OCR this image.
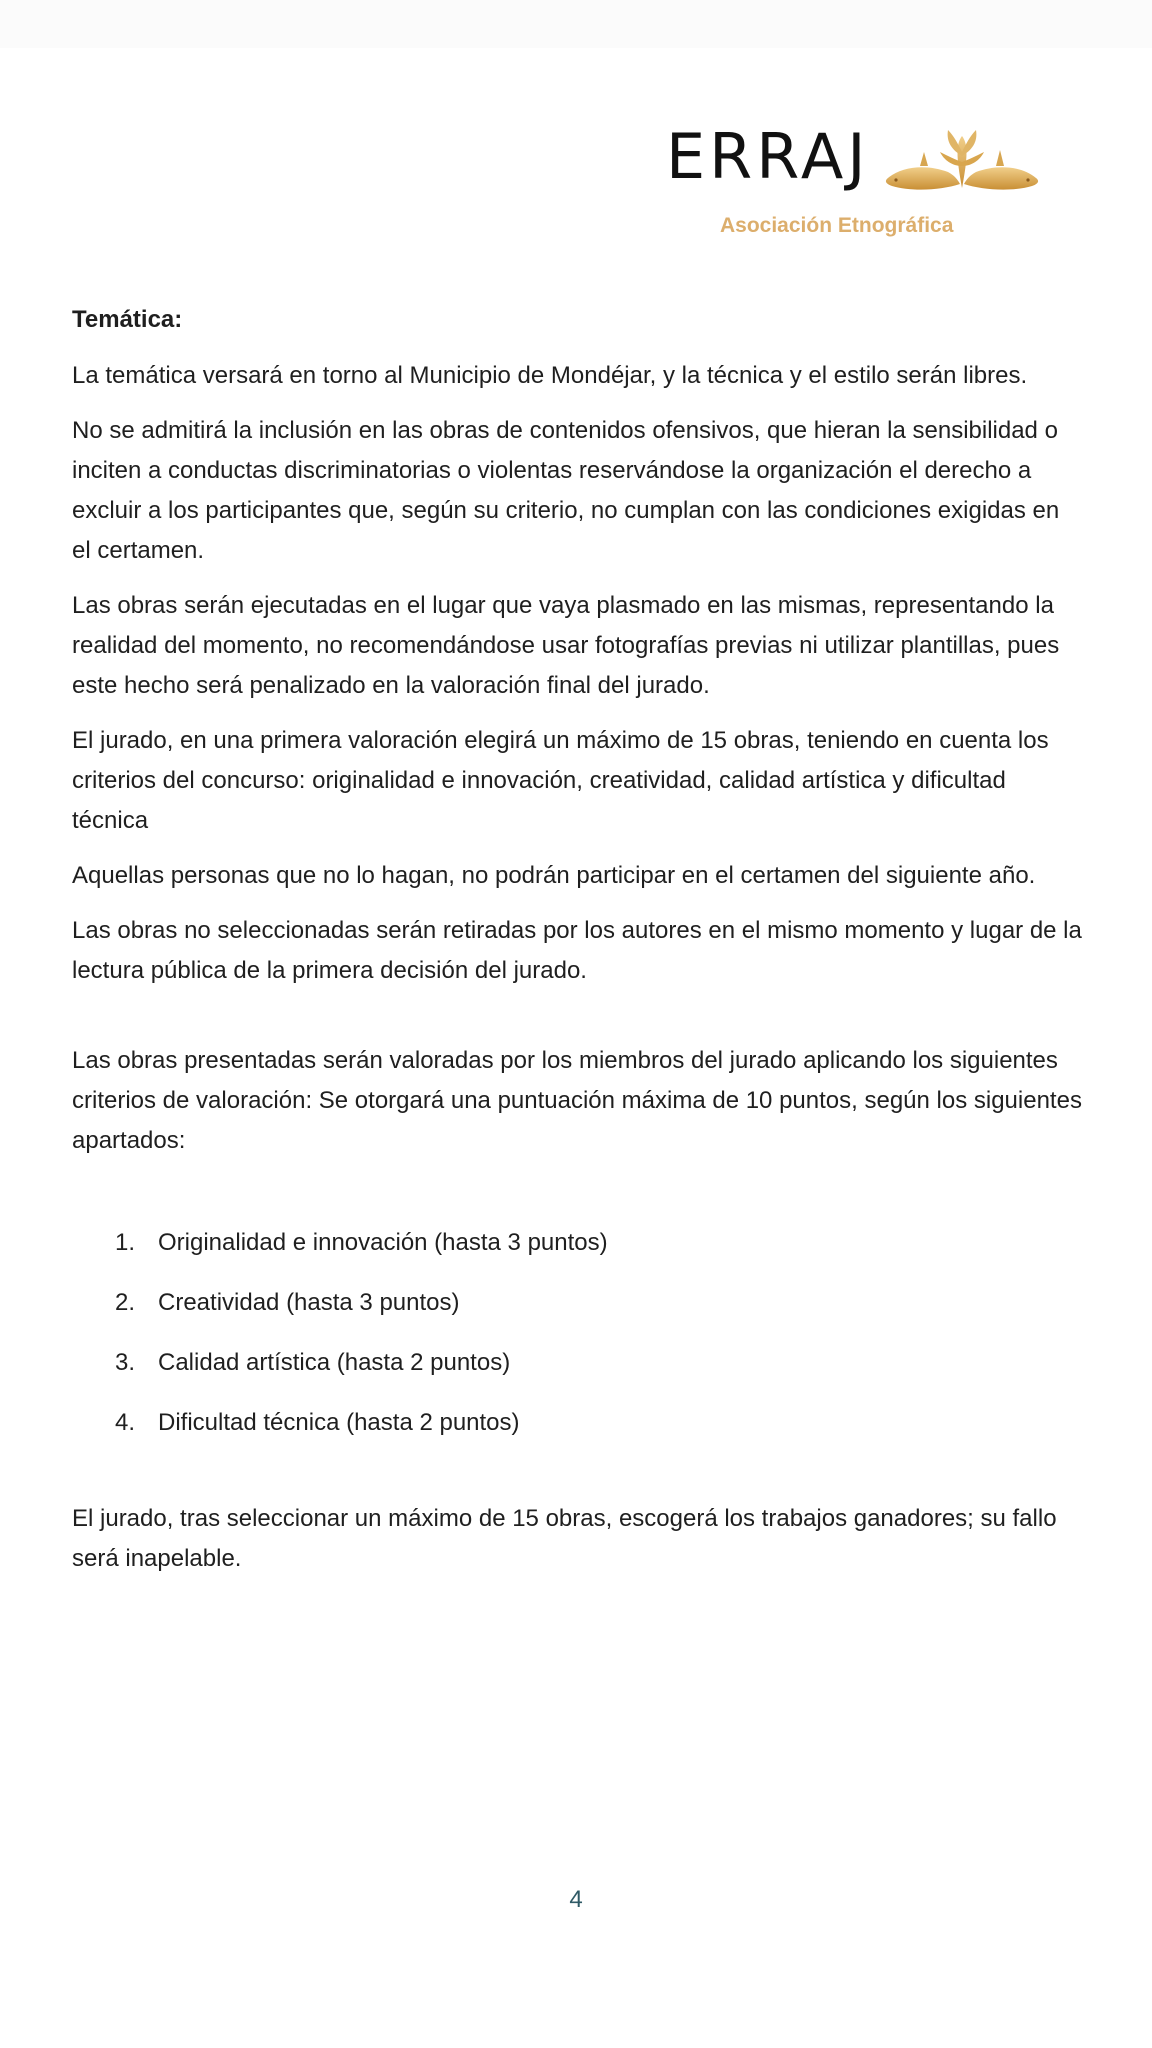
ERRAJ
Asociación Etnográfica

Temática:

La temática versará en torno al Municipio de Mondéjar, y la técnica y el estilo serán libres.

No se admitirá la inclusión en las obras de contenidos ofensivos, que hieran la sensibilidad o inciten a conductas discriminatorias o violentas reservándose la organización el derecho a excluir a los participantes que, según su criterio, no cumplan con las condiciones exigidas en el certamen.

Las obras serán ejecutadas en el lugar que vaya plasmado en las mismas, representando la realidad del momento, no recomendándose usar fotografías previas ni utilizar plantillas, pues este hecho será penalizado en la valoración final del jurado.

El jurado, en una primera valoración elegirá un máximo de 15 obras, teniendo en cuenta los criterios del concurso: originalidad e innovación, creatividad, calidad artística y dificultad técnica

Aquellas personas que no lo hagan, no podrán participar en el certamen del siguiente año.

Las obras no seleccionadas serán retiradas por los autores en el mismo momento y lugar de la lectura pública de la primera decisión del jurado.

Las obras presentadas serán valoradas por los miembros del jurado aplicando los siguientes criterios de valoración: Se otorgará una puntuación máxima de 10 puntos, según los siguientes apartados:

1. Originalidad e innovación (hasta 3 puntos)
2. Creatividad (hasta 3 puntos)
3. Calidad artística (hasta 2 puntos)
4. Dificultad técnica (hasta 2 puntos)

El jurado, tras seleccionar un máximo de 15 obras, escogerá los trabajos ganadores; su fallo será inapelable.

4
